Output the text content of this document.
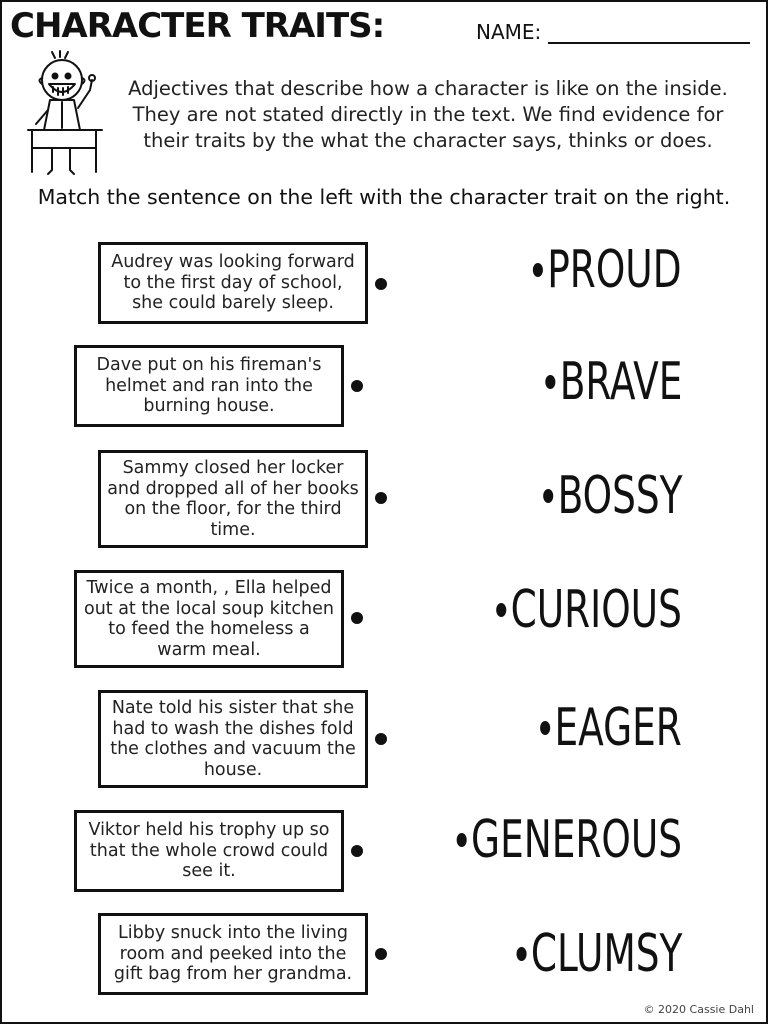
CHARACTER TRAITS:	NAME:

Adjectives that describe how a character is like on the inside. They are not stated directly in the text. We find evidence for their traits by the what the character says, thinks or does.

Match the sentence on the left with the character trait on the right.
Audrey was looking forward to the first day of school, she could barely sleep.
Dave put on his fireman's helmet and ran into the burning house.
Sammy closed her locker and dropped all of her books on the floor, for the third time.
Twice a month, , Ella helped out at the local soup kitchen to feed the homeless a warm meal.
Nate told his sister that she had to wash the dishes fold the clothes and vacuum the house.
Viktor held his trophy up so that the whole crowd could see it.
Libby snuck into the living room and peeked into the gift bag from her grandma.
PROUD
BRAVE
BOSSY
CURIOUS
EAGER
GENEROUS
CLUMSY
© 2020 Cassie Dahl
